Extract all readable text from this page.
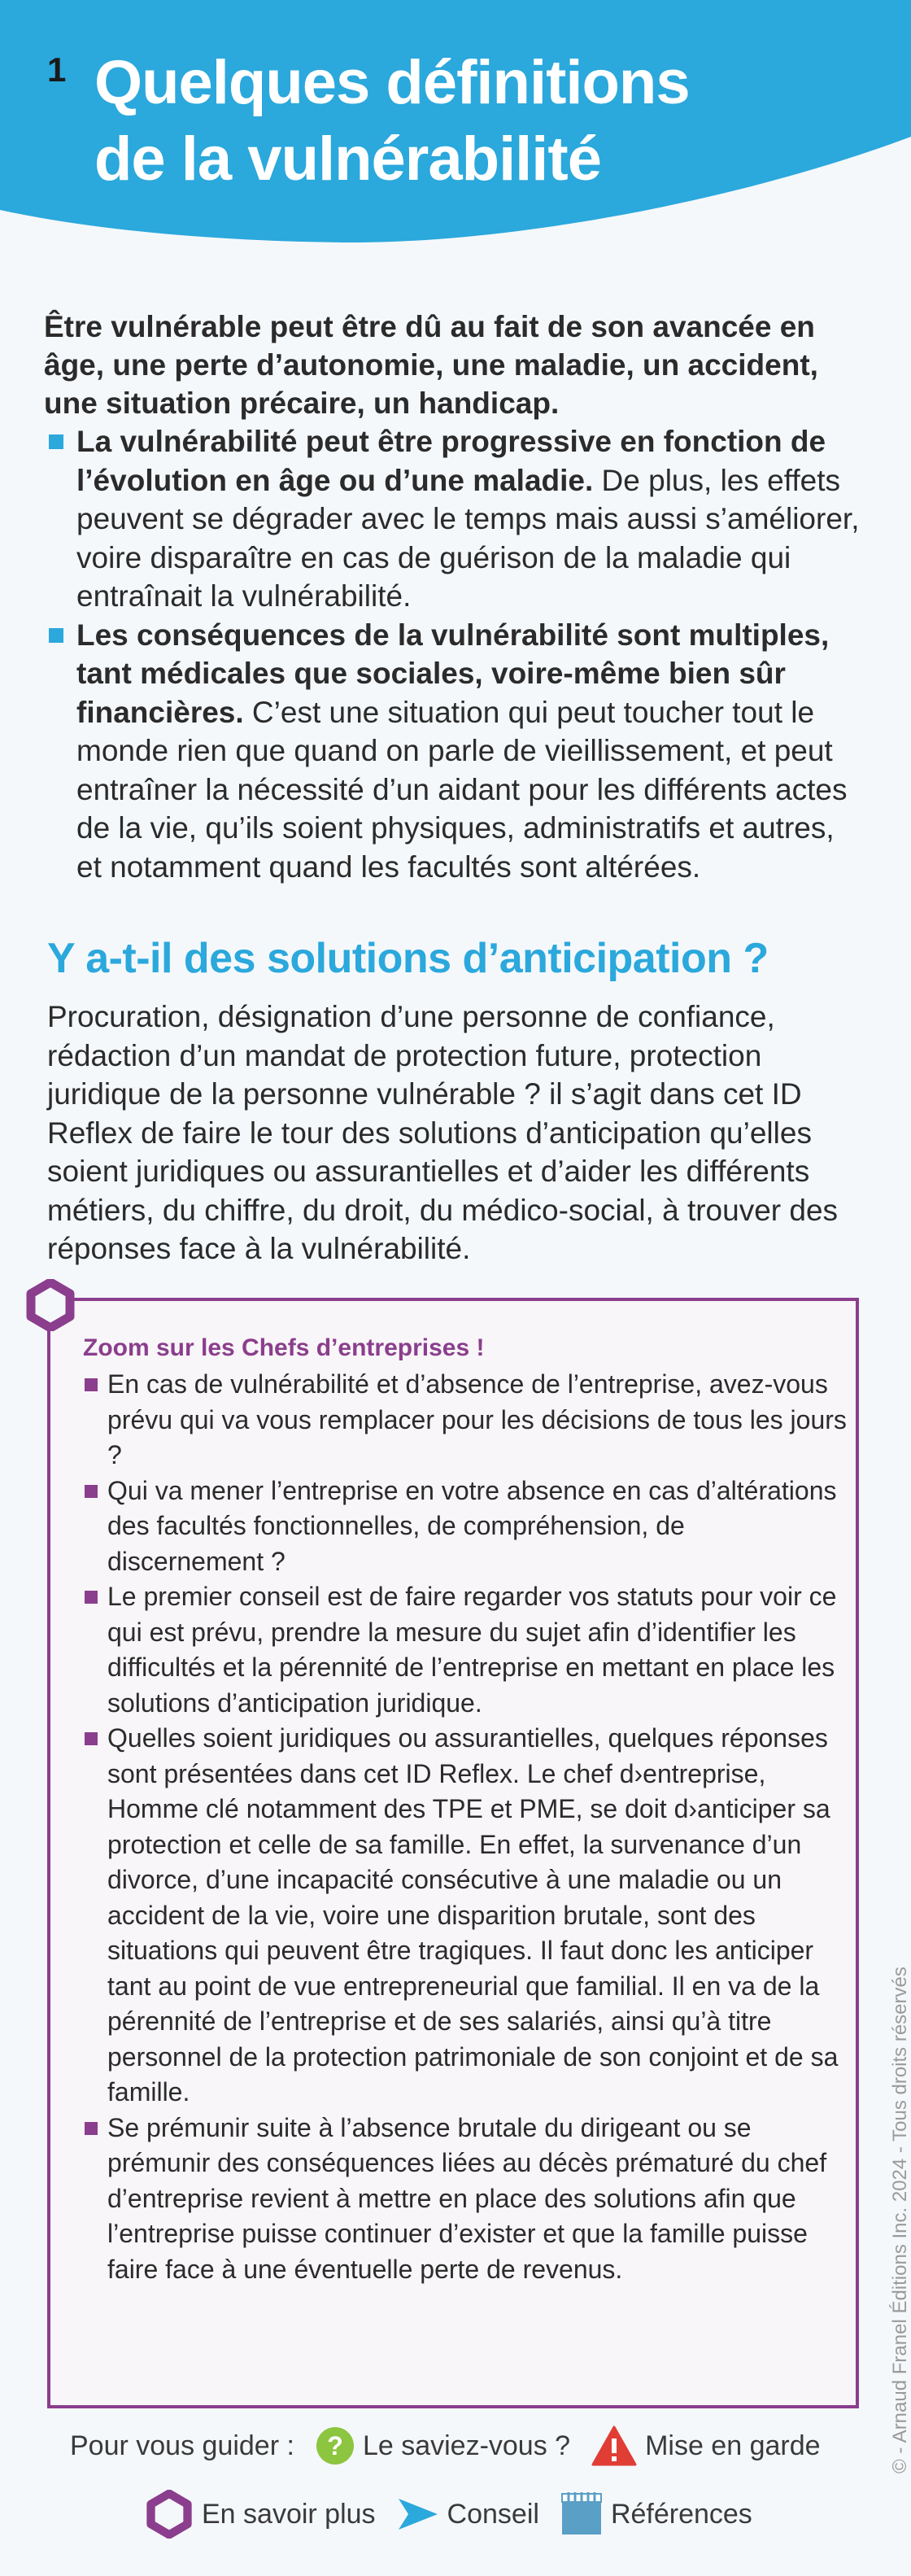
1 Quelques définitions
de la vulnérabilité

Être vulnérable peut être dû au fait de son avancée en âge, une perte d’autonomie, une maladie, un accident, une situation précaire, un handicap.

La vulnérabilité peut être progressive en fonction de l’évolution en âge ou d’une maladie. De plus, les effets peuvent se dégrader avec le temps mais aussi s’améliorer, voire disparaître en cas de guérison de la maladie qui entraînait la vulnérabilité.
Les conséquences de la vulnérabilité sont multiples, tant médicales que sociales, voire-même bien sûr financières. C’est une situation qui peut toucher tout le monde rien que quand on parle de vieillissement, et peut entraîner la nécessité d’un aidant pour les différents actes de la vie, qu’ils soient physiques, administratifs et autres, et notamment quand les facultés sont altérées.
Y a-t-il des solutions d’anticipation ?

Procuration, désignation d’une personne de confiance, rédaction d’un mandat de protection future, protection juridique de la personne vulnérable ? il s’agit dans cet ID Reflex de faire le tour des solutions d’anticipation qu’elles soient juridiques ou assurantielles et d’aider les différents métiers, du chiffre, du droit, du médico-social, à trouver des réponses face à la vulnérabilité.

Zoom sur les Chefs d’entreprises !

En cas de vulnérabilité et d’absence de l’entreprise, avez-vous prévu qui va vous remplacer pour les décisions de tous les jours ?
Qui va mener l’entreprise en votre absence en cas d’altérations des facultés fonctionnelles, de compréhension, de discernement ?
Le premier conseil est de faire regarder vos statuts pour voir ce qui est prévu, prendre la mesure du sujet afin d’identifier les difficultés et la pérennité de l’entreprise en mettant en place les solutions d’anticipation juridique.
Quelles soient juridiques ou assurantielles, quelques réponses sont présentées dans cet ID Reflex. Le chef d›entreprise, Homme clé notamment des TPE et PME, se doit d›anticiper sa protection et celle de sa famille. En effet, la survenance d’un divorce, d’une incapacité consécutive à une maladie ou un accident de la vie, voire une disparition brutale, sont des situations qui peuvent être tragiques. Il faut donc les anticiper tant au point de vue entrepreneurial que familial. Il en va de la pérennité de l’entreprise et de ses salariés, ainsi qu’à titre personnel de la protection patrimoniale de son conjoint et de sa famille.
Se prémunir suite à l’absence brutale du dirigeant ou se prémunir des conséquences liées au décès prématuré du chef d’entreprise revient à mettre en place des solutions afin que l’entreprise puisse continuer d’exister et que la famille puisse faire face à une éventuelle perte de revenus.
Pour vous guider : ? Le saviez-vous ?	Mise en garde
En savoir plus	Conseil	Références
© - Arnaud Franel Éditions Inc. 2024 - Tous droits réservés
